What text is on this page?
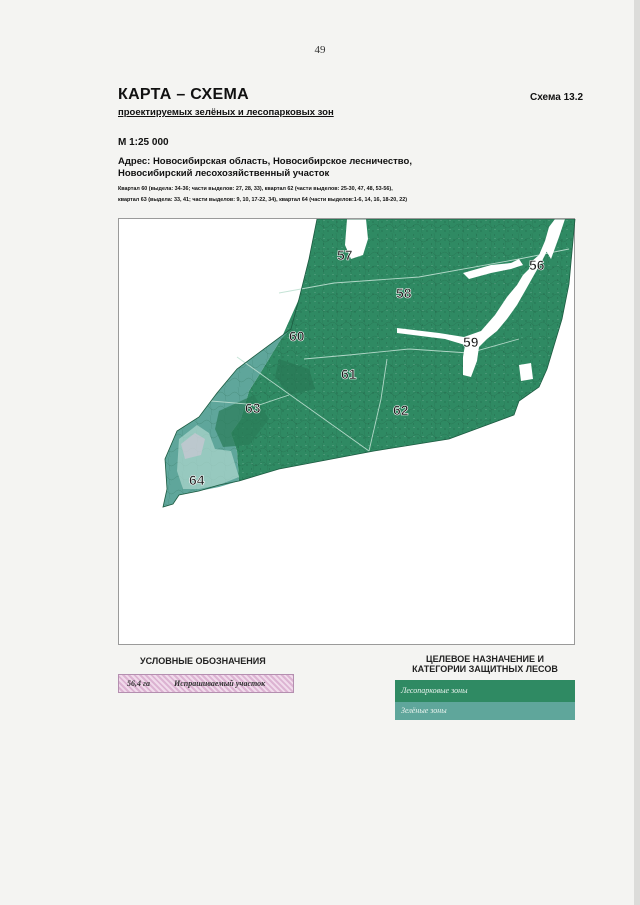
49
КАРТА – СХЕМА	Схема 13.2
проектируемых зелёных и лесопарковых зон
М 1:25 000
Адрес: Новосибирская область, Новосибирское лесничество,
Новосибирский лесохозяйственный участок
Квартал 60 (выдела: 34-36; части выделов: 27, 28, 33), квартал 62 (части выделов: 25-30, 47, 48, 53-56),
квартал 63 (выдела: 33, 41; части выделов: 9, 10, 17-22, 34), квартал 64 (части выделов:1-6, 14, 16, 18-20, 22)
57
56
58
60	59
61
63	62
64
УСЛОВНЫЕ ОБОЗНАЧЕНИЯ
56,4 га	Испрашиваемый участок
ЦЕЛЕВОЕ НАЗНАЧЕНИЕ И
КАТЕГОРИИ ЗАЩИТНЫХ ЛЕСОВ
Лесопарковые зоны
Зелёные зоны
